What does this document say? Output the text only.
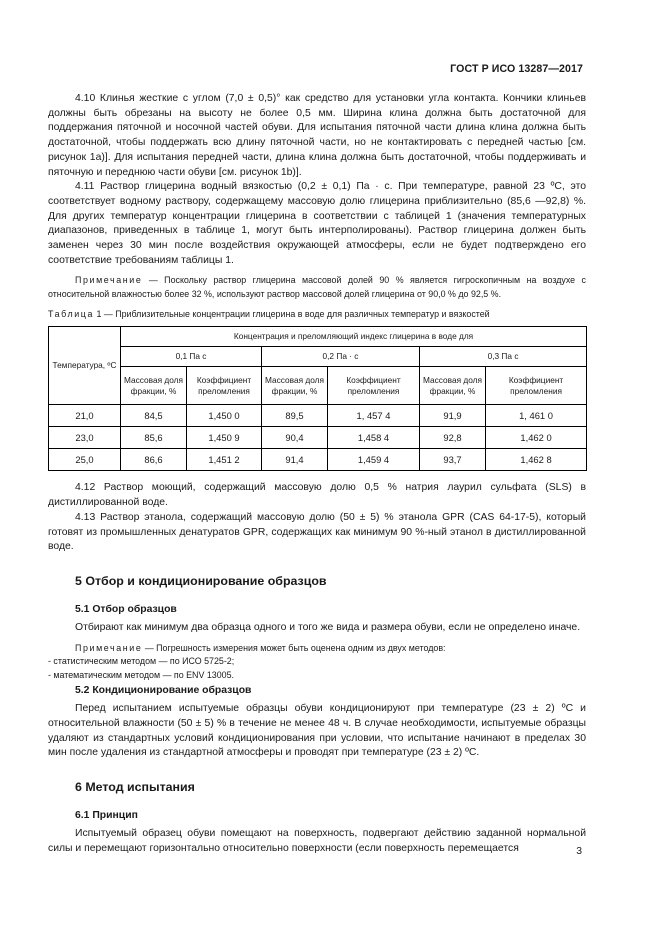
ГОСТ Р ИСО 13287—2017

4.10 Клинья жесткие с углом (7,0 ± 0,5)° как средство для установки угла контакта. Кончики клиньев должны быть обрезаны на высоту не более 0,5 мм. Ширина клина должна быть достаточной для поддержания пяточной и носочной частей обуви. Для испытания пяточной части длина клина должна быть достаточной, чтобы поддержать всю длину пяточной части, но не контактировать с передней частью [см. рисунок 1a)]. Для испытания передней части, длина клина должна быть достаточной, чтобы поддерживать и пяточную и переднюю части обуви [см. рисунок 1b)].

4.11 Раствор глицерина водный вязкостью (0,2 ± 0,1) Па · с. При температуре, равной 23 ºC, это соответствует водному раствору, содержащему массовую долю глицерина приблизительно (85,6 —92,8) %. Для других температур концентрации глицерина в соответствии с таблицей 1 (значения температурных диапазонов, приведенных в таблице 1, могут быть интерполированы). Раствор глицерина должен быть заменен через 30 мин после воздействия окружающей атмосферы, если не будет подтверждено его соответствие требованиям таблицы 1.

Примечание — Поскольку раствор глицерина массовой долей 90 % является гигроскопичным на воздухе с относительной влажностью более 32 %, используют раствор массовой долей глицерина от 90,0 % до 92,5 %.
Таблица 1 — Приблизительные концентрации глицерина в воде для различных температур и вязкостей
Температура, ºC	Концентрация и преломляющий индекс глицерина в воде для					
	0,1 Па с		0,2 Па · с		0,3 Па с	
	Массовая доля фракции, %	Коэффициент преломления	Массовая доля фракции, %	Коэффициент преломления	Массовая доля фракции, %	Коэффициент преломления
21,0	84,5	1,450 0	89,5	1, 457 4	91,9	1, 461 0
23,0	85,6	1,450 9	90,4	1,458 4	92,8	1,462 0
25,0	86,6	1,451 2	91,4	1,459 4	93,7	1,462 8

4.12 Раствор моющий, содержащий массовую долю 0,5 % натрия лаурил сульфата (SLS) в дистиллированной воде.

4.13 Раствор этанола, содержащий массовую долю (50 ± 5) % этанола GPR (CAS 64-17-5), который готовят из промышленных денатуратов GPR, содержащих как минимум 90 %-ный этанол в дистиллированной воде.

5 Отбор и кондиционирование образцов
5.1 Отбор образцов

Отбирают как минимум два образца одного и того же вида и размера обуви, если не определено иначе.

Примечание — Погрешность измерения может быть оценена одним из двух методов:
- статистическим методом — по ИСО 5725-2;
- математическим методом — по ENV 13005.
5.2 Кондиционирование образцов

Перед испытанием испытуемые образцы обуви кондиционируют при температуре (23 ± 2) ºC и относительной влажности (50 ± 5) % в течение не менее 48 ч. В случае необходимости, испытуемые образцы удаляют из стандартных условий кондиционирования при условии, что испытание начинают в пределах 30 мин после удаления из стандартной атмосферы и проводят при температуре (23 ± 2) ºC.

6 Метод испытания
6.1 Принцип

Испытуемый образец обуви помещают на поверхность, подвергают действию заданной нормальной силы и перемещают горизонтально относительно поверхности (если поверхность перемещается	3
